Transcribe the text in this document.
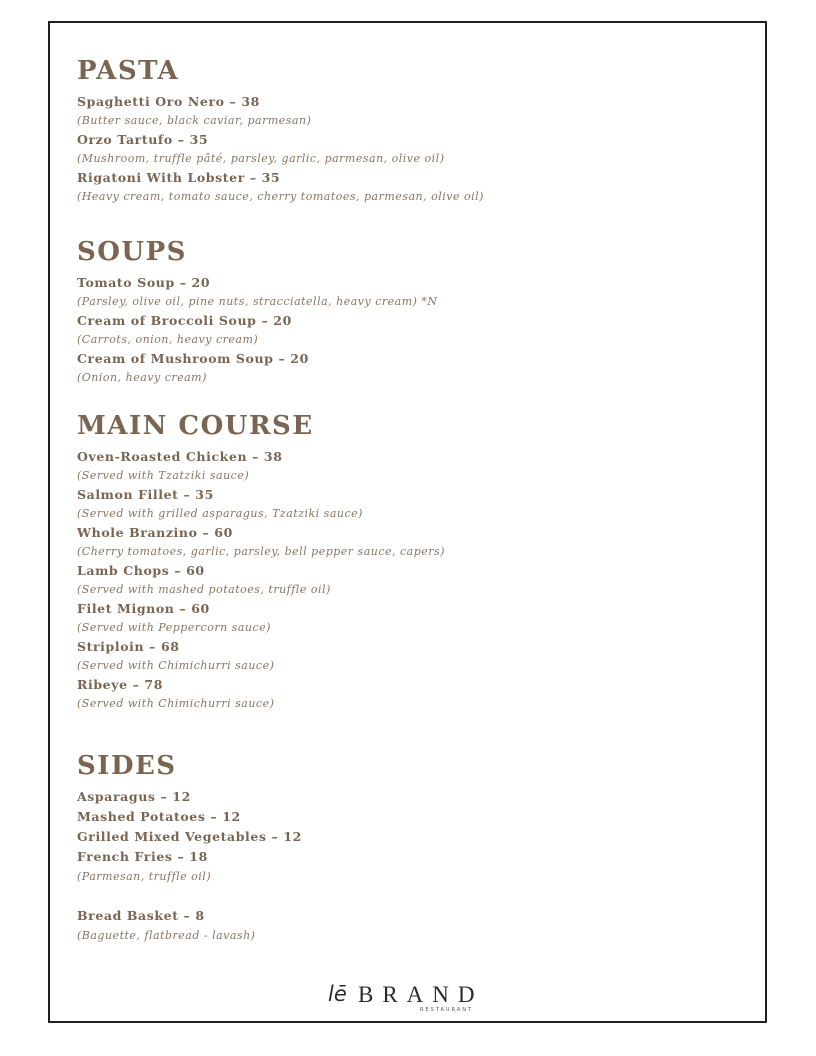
PASTA
Spaghetti Oro Nero – 38
(Butter sauce, black caviar, parmesan)
Orzo Tartufo – 35
(Mushroom, truffle pâté, parsley, garlic, parmesan, olive oil)
Rigatoni With Lobster – 35
(Heavy cream, tomato sauce, cherry tomatoes, parmesan, olive oil)
SOUPS
Tomato Soup – 20
(Parsley, olive oil, pine nuts, stracciatella, heavy cream) *N
Cream of Broccoli Soup – 20
(Carrots, onion, heavy cream)
Cream of Mushroom Soup – 20
(Onion, heavy cream)
MAIN COURSE
Oven-Roasted Chicken – 38
(Served with Tzatziki sauce)
Salmon Fillet – 35
(Served with grilled asparagus, Tzatziki sauce)
Whole Branzino – 60
(Cherry tomatoes, garlic, parsley, bell pepper sauce, capers)
Lamb Chops – 60
(Served with mashed potatoes, truffle oil)
Filet Mignon – 60
(Served with Peppercorn sauce)
Striploin – 68
(Served with Chimichurri sauce)
Ribeye – 78
(Served with Chimichurri sauce)
SIDES
Asparagus – 12
Mashed Potatoes – 12
Grilled Mixed Vegetables – 12
French Fries – 18
(Parmesan, truffle oil)
Bread Basket – 8
(Baguette, flatbread - lavash)
lē BRAND
RESTAURANT
